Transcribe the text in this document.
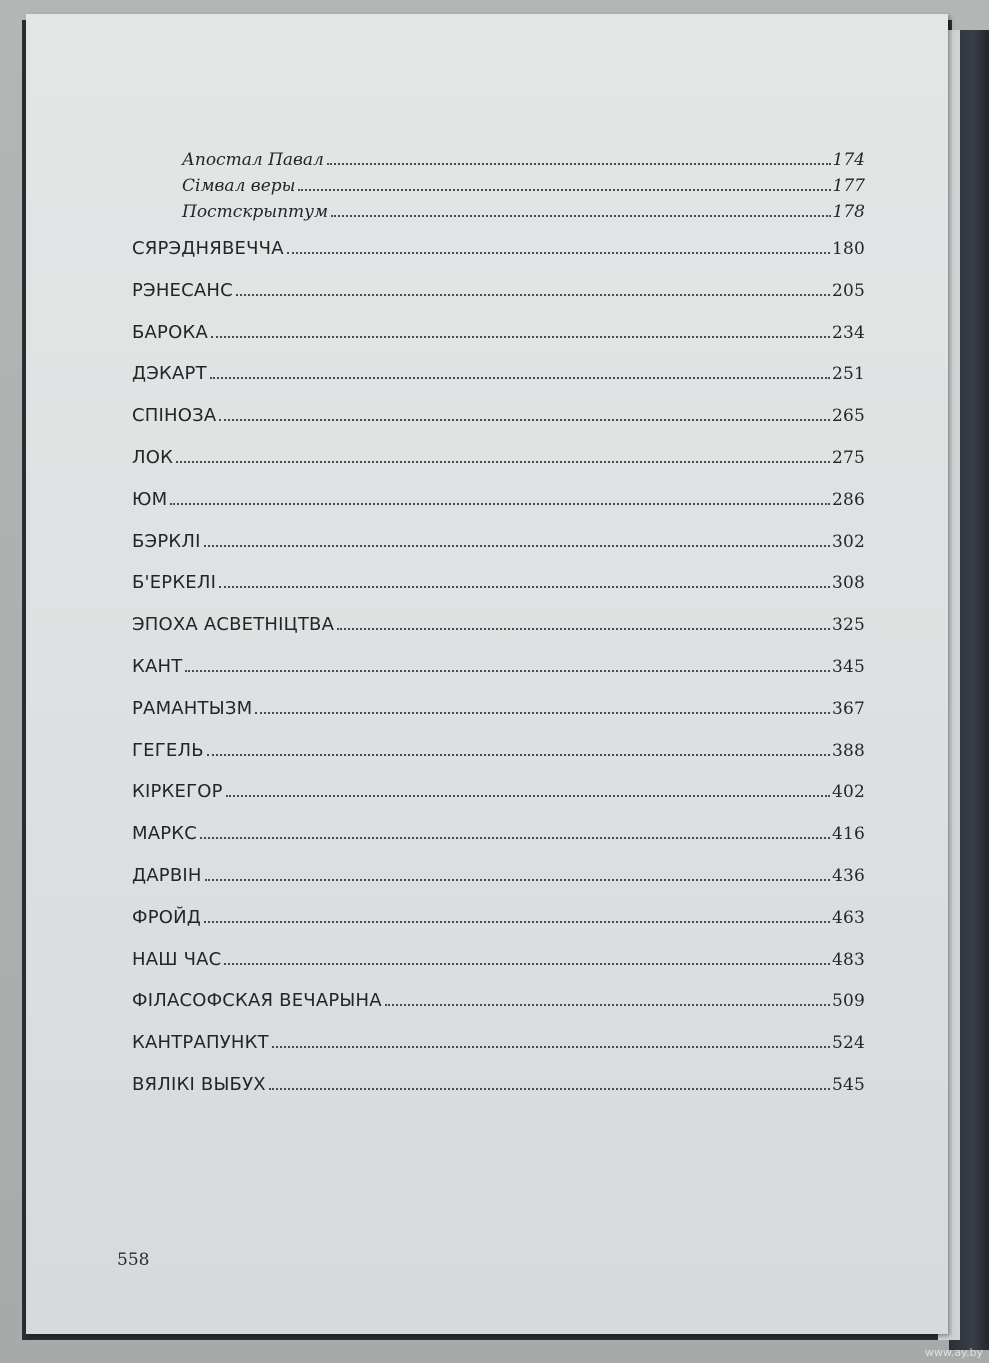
Апостал Павал	174
Сімвал веры	177
Постскрыптум	178
СЯРЭДНЯВЕЧЧА	180
РЭНЕСАНС	205
БАРОКА	234
ДЭКАРТ	251
СПІНОЗА	265
ЛОК	275
ЮМ	286
БЭРКЛІ	302
Б'ЕРКЕЛІ	308
ЭПОХА АСВЕТНІЦТВА	325
КАНТ	345
РАМАНТЫЗМ	367
ГЕГЕЛЬ	388
КІРКЕГОР	402
МАРКС	416
ДАРВІН	436
ФРОЙД	463
НАШ ЧАС	483
ФІЛАСОФСКАЯ ВЕЧАРЫНА	509
КАНТРАПУНКТ	524
ВЯЛІКІ ВЫБУХ	545
558
www.ay.by
